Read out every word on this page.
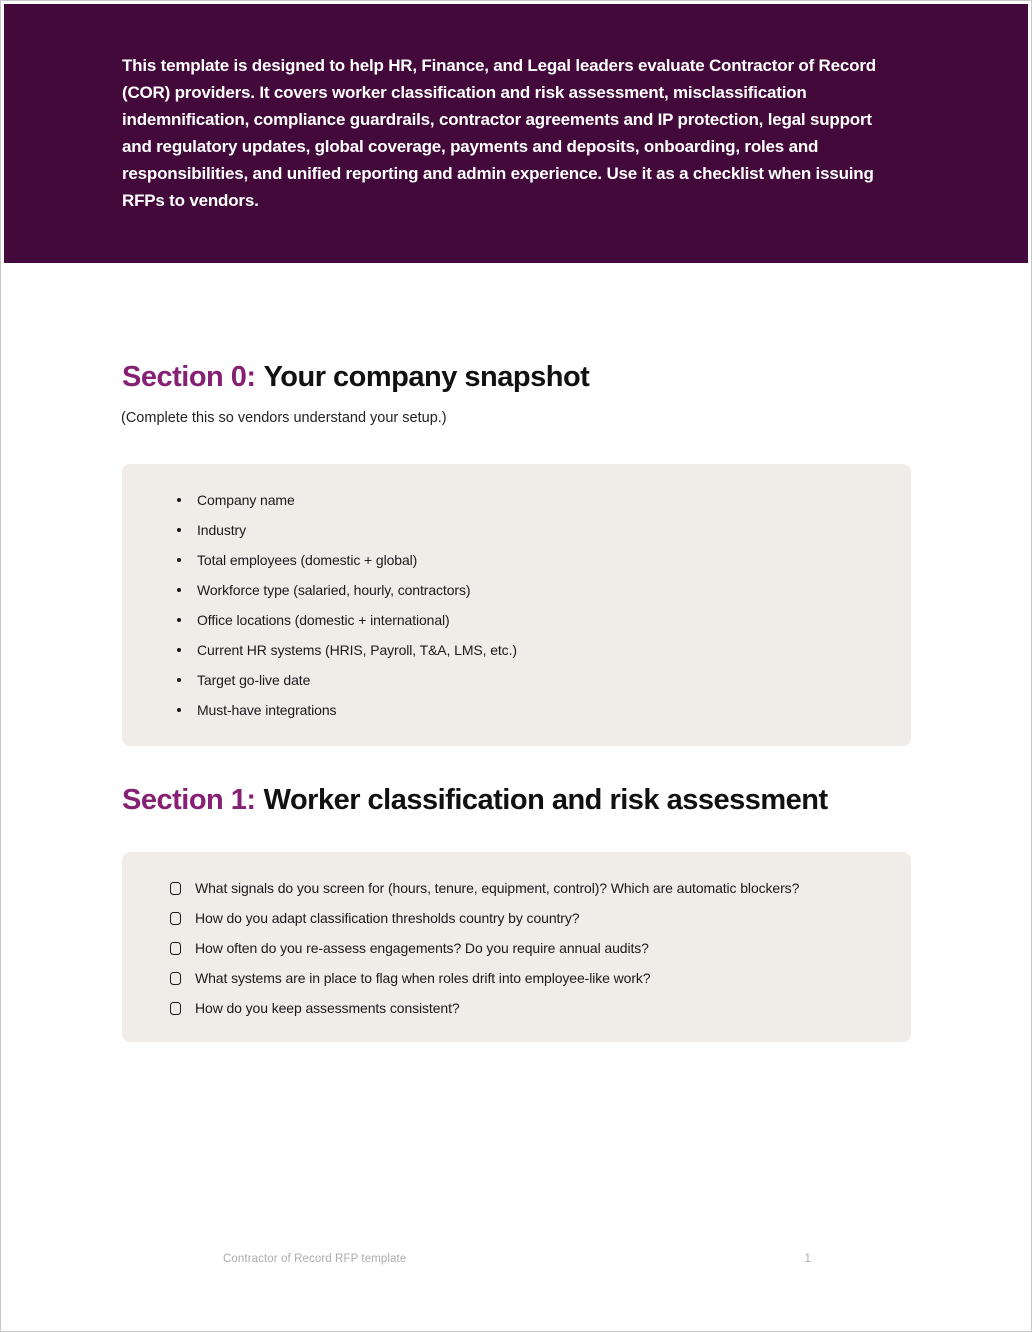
This template is designed to help HR, Finance, and Legal leaders evaluate Contractor of Record (COR) providers. It covers worker classification and risk assessment, misclassification indemnification, compliance guardrails, contractor agreements and IP protection, legal support and regulatory updates, global coverage, payments and deposits, onboarding, roles and responsibilities, and unified reporting and admin experience. Use it as a checklist when issuing RFPs to vendors.

Section 0: Your company snapshot

(Complete this so vendors understand your setup.)

Company name
Industry
Total employees (domestic + global)
Workforce type (salaried, hourly, contractors)
Office locations (domestic + international)
Current HR systems (HRIS, Payroll, T&A, LMS, etc.)
Target go-live date
Must-have integrations
Section 1: Worker classification and risk assessment
What signals do you screen for (hours, tenure, equipment, control)? Which are automatic blockers?
How do you adapt classification thresholds country by country?
How often do you re-assess engagements? Do you require annual audits?
What systems are in place to flag when roles drift into employee-like work?
How do you keep assessments consistent?
Contractor of Record RFP template	1
